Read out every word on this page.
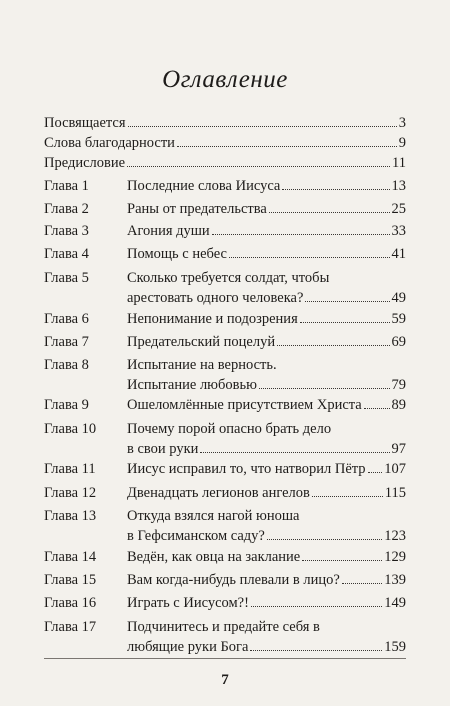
Оглавление
Посвящается	3
Слова благодарности	9
Предисловие	11
Глава 1	Последние слова Иисуса	13
Глава 2	Раны от предательства	25
Глава 3	Агония души	33
Глава 4	Помощь с небес	41
Глава 5	Сколько требуется солдат, чтобы
арестовать одного человека?	49
Глава 6	Непонимание и подозрения	59
Глава 7	Предательский поцелуй	69
Глава 8	Испытание на верность.
Испытание любовью	79
Глава 9	Ошеломлённые присутствием Христа 89
Глава 10	Почему порой опасно брать дело
в свои руки	97
Глава 11	Иисус исправил то, что натворил Пётр 107
Глава 12	Двенадцать легионов ангелов	115
Глава 13	Откуда взялся нагой юноша
в Гефсиманском саду?	123
Глава 14	Ведён, как овца на заклание	129
Глава 15	Вам когда-нибудь плевали в лицо?	139
Глава 16	Играть с Иисусом?!	149
Глава 17	Подчинитесь и предайте себя в
любящие руки Бога	159
7
